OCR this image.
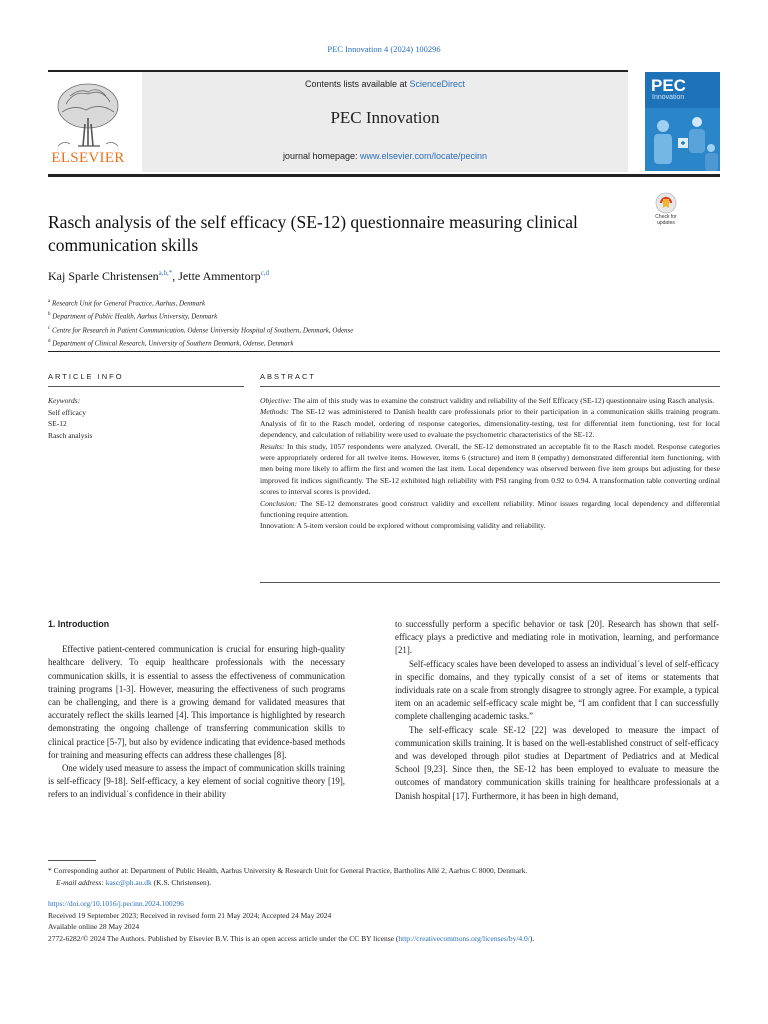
PEC Innovation 4 (2024) 100296
ELSEVIER
Contents lists available at ScienceDirect
PEC Innovation
journal homepage: www.elsevier.com/locate/pecinn
PEC
Innovation
Rasch analysis of the self efficacy (SE-12) questionnaire measuring clinical communication skills
Check for updates
Kaj Sparle Christensen$^{a,b,*}$, Jette Ammentorp$^{c,d}$
$^a$ Research Unit for General Practice, Aarhus, Denmark
$^b$ Department of Public Health, Aarhus University, Denmark
$^c$ Centre for Research in Patient Communication, Odense University Hospital of Southern, Denmark, Odense
$^d$ Department of Clinical Research, University of Southern Denmark, Odense, Denmark
ARTICLE INFO
Keywords:
Self efficacy
SE-12
Rasch analysis
ABSTRACT

Objective: The aim of this study was to examine the construct validity and reliability of the Self Efficacy (SE-12) questionnaire using Rasch analysis.

Methods: The SE-12 was administered to Danish health care professionals prior to their participation in a communication skills training program. Analysis of fit to the Rasch model, ordering of response categories, dimensionality-testing, test for differential item functioning, test for local dependency, and calculation of reliability were used to evaluate the psychometric characteristics of the SE-12.

Results: In this study, 1057 respondents were analyzed. Overall, the SE-12 demonstrated an acceptable fit to the Rasch model. Response categories were appropriately ordered for all twelve items. However, items 6 (structure) and item 8 (empathy) demonstrated differential item functioning, with men being more likely to affirm the first and women the last item. Local dependency was observed between five item groups but adjusting for these improved fit indices significantly. The SE-12 exhibited high reliability with PSI ranging from 0.92 to 0.94. A transformation table converting ordinal scores to interval scores is provided.

Conclusion: The SE-12 demonstrates good construct validity and excellent reliability. Minor issues regarding local dependency and differential functioning require attention.

Innovation: A 5-item version could be explored without compromising validity and reliability.

1. Introduction

Effective patient-centered communication is crucial for ensuring high-quality healthcare delivery. To equip healthcare professionals with the necessary communication skills, it is essential to assess the effectiveness of communication training programs [1-3]. However, measuring the effectiveness of such programs can be challenging, and there is a growing demand for validated measures that accurately reflect the skills learned [4]. This importance is highlighted by research demonstrating the ongoing challenge of transferring communication skills to clinical practice [5-7], but also by evidence indicating that evidence-based methods for training and measuring effects can address these challenges [8].

One widely used measure to assess the impact of communication skills training is self-efficacy [9-18]. Self-efficacy, a key element of social cognitive theory [19], refers to an individual´s confidence in their ability

to successfully perform a specific behavior or task [20]. Research has shown that self-efficacy plays a predictive and mediating role in motivation, learning, and performance [21].

Self-efficacy scales have been developed to assess an individual´s level of self-efficacy in specific domains, and they typically consist of a set of items or statements that individuals rate on a scale from strongly disagree to strongly agree. For example, a typical item on an academic self-efficacy scale might be, “I am confident that I can successfully complete challenging academic tasks.”

The self-efficacy scale SE-12 [22] was developed to measure the impact of communication skills training. It is based on the well-established construct of self-efficacy and was developed through pilot studies at Department of Pediatrics and at Medical School [9,23]. Since then, the SE-12 has been employed to evaluate to measure the outcomes of mandatory communication skills training for healthcare professionals at a Danish hospital [17]. Furthermore, it has been in high demand,

* Corresponding author at: Department of Public Health, Aarhus University & Research Unit for General Practice, Bartholins Allé 2, Aarhus C 8000, Denmark.
E-mail address: kasc@ph.au.dk (K.S. Christensen).
https://doi.org/10.1016/j.pecinn.2024.100296
Received 19 September 2023; Received in revised form 21 May 2024; Accepted 24 May 2024
Available online 28 May 2024
2772-6282/© 2024 The Authors. Published by Elsevier B.V. This is an open access article under the CC BY license (http://creativecommons.org/licenses/by/4.0/).
